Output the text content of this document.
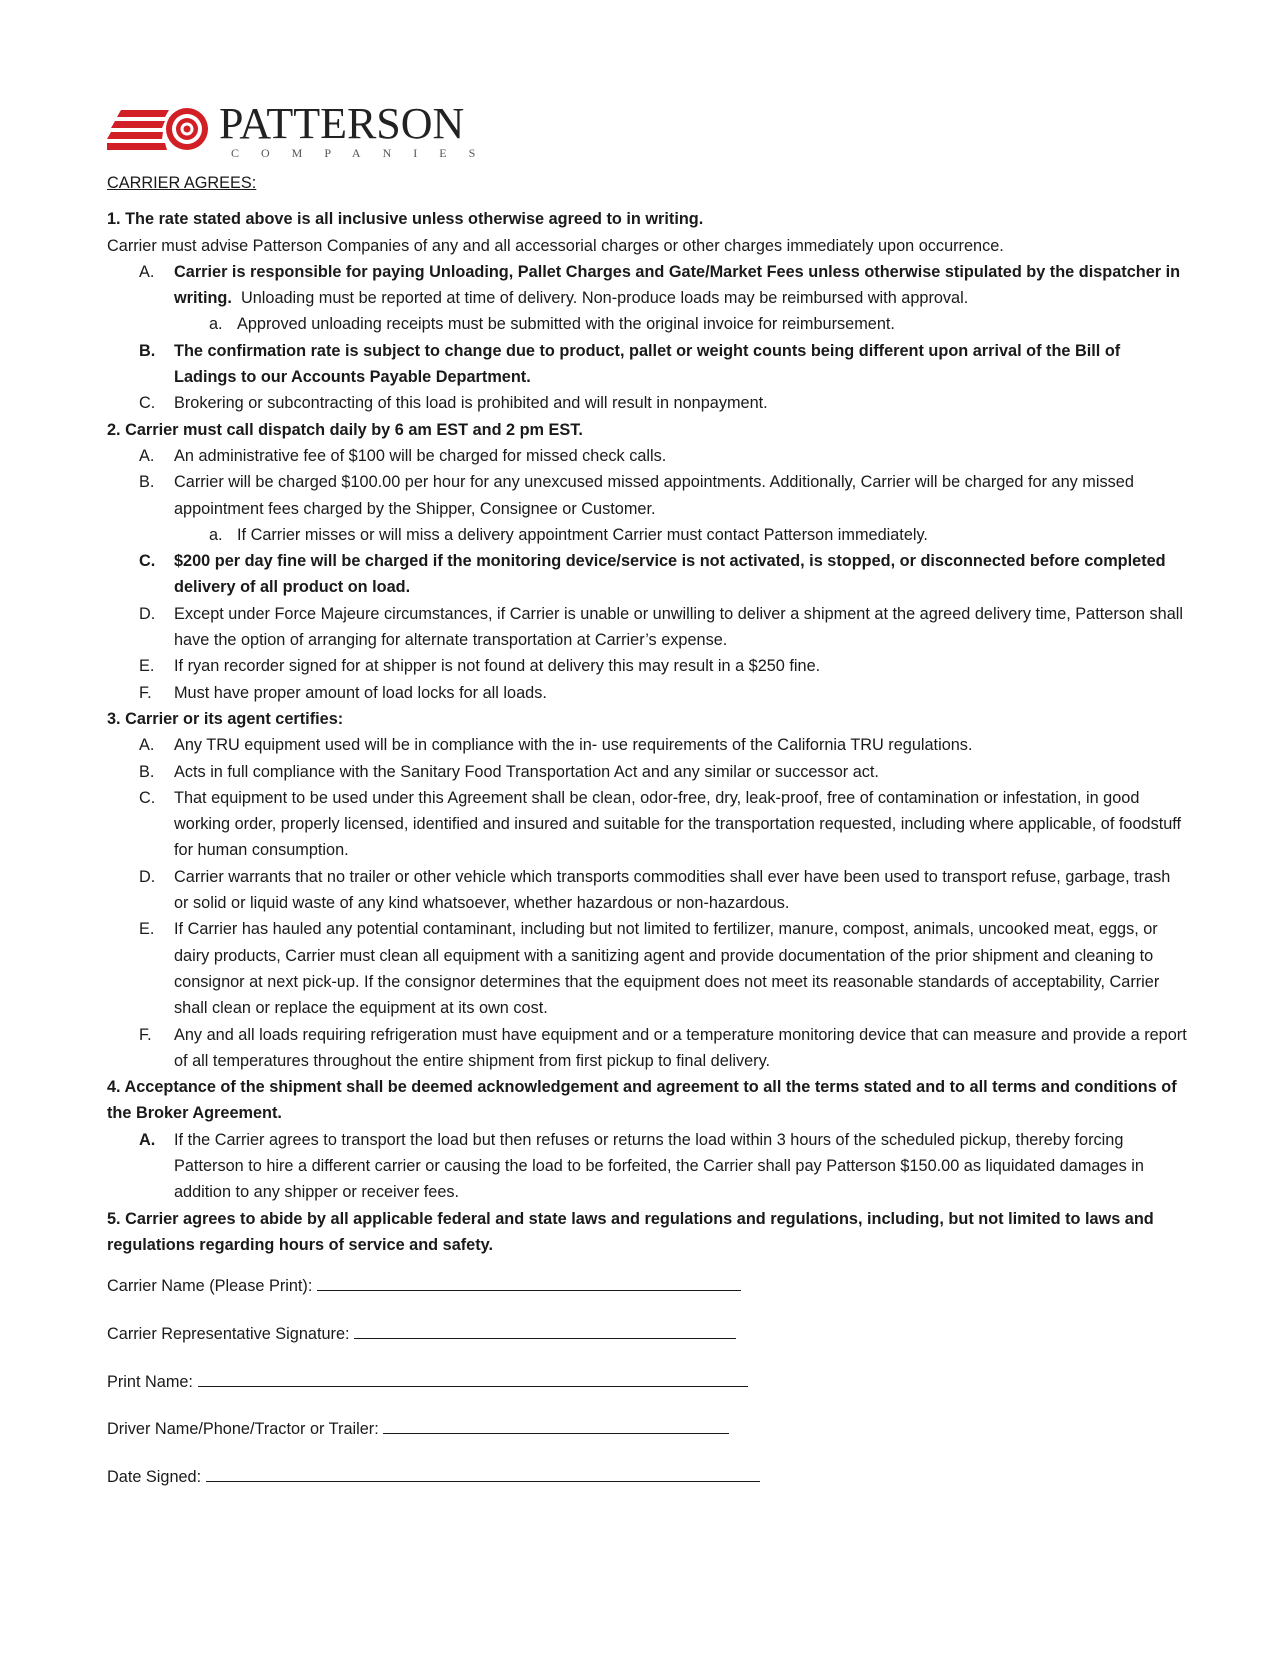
PATTERSON
COMPANIES
CARRIER AGREES:
1. The rate stated above is all inclusive unless otherwise agreed to in writing.
Carrier must advise Patterson Companies of any and all accessorial charges or other charges immediately upon occurrence.
A. Carrier is responsible for paying Unloading, Pallet Charges and Gate/Market Fees unless otherwise stipulated by the dispatcher in writing. Unloading must be reported at time of delivery. Non-produce loads may be reimbursed with approval.
a. Approved unloading receipts must be submitted with the original invoice for reimbursement.
B. The confirmation rate is subject to change due to product, pallet or weight counts being different upon arrival of the Bill of Ladings to our Accounts Payable Department.
C. Brokering or subcontracting of this load is prohibited and will result in nonpayment.
2. Carrier must call dispatch daily by 6 am EST and 2 pm EST.
A. An administrative fee of $100 will be charged for missed check calls.
B. Carrier will be charged $100.00 per hour for any unexcused missed appointments. Additionally, Carrier will be charged for any missed appointment fees charged by the Shipper, Consignee or Customer.
a. If Carrier misses or will miss a delivery appointment Carrier must contact Patterson immediately.
C. $200 per day fine will be charged if the monitoring device/service is not activated, is stopped, or disconnected before completed delivery of all product on load.
D. Except under Force Majeure circumstances, if Carrier is unable or unwilling to deliver a shipment at the agreed delivery time, Patterson shall have the option of arranging for alternate transportation at Carrier’s expense.
E. If ryan recorder signed for at shipper is not found at delivery this may result in a $250 fine.
F. Must have proper amount of load locks for all loads.
3. Carrier or its agent certifies:
A. Any TRU equipment used will be in compliance with the in- use requirements of the California TRU regulations.
B. Acts in full compliance with the Sanitary Food Transportation Act and any similar or successor act.
C. That equipment to be used under this Agreement shall be clean, odor-free, dry, leak-proof, free of contamination or infestation, in good working order, properly licensed, identified and insured and suitable for the transportation requested, including where applicable, of foodstuff for human consumption.
D. Carrier warrants that no trailer or other vehicle which transports commodities shall ever have been used to transport refuse, garbage, trash or solid or liquid waste of any kind whatsoever, whether hazardous or non-hazardous.
E. If Carrier has hauled any potential contaminant, including but not limited to fertilizer, manure, compost, animals, uncooked meat, eggs, or dairy products, Carrier must clean all equipment with a sanitizing agent and provide documentation of the prior shipment and cleaning to consignor at next pick-up. If the consignor determines that the equipment does not meet its reasonable standards of acceptability, Carrier shall clean or replace the equipment at its own cost.
F. Any and all loads requiring refrigeration must have equipment and or a temperature monitoring device that can measure and provide a report of all temperatures throughout the entire shipment from first pickup to final delivery.
4. Acceptance of the shipment shall be deemed acknowledgement and agreement to all the terms stated and to all terms and conditions of the Broker Agreement.
A. If the Carrier agrees to transport the load but then refuses or returns the load within 3 hours of the scheduled pickup, thereby forcing Patterson to hire a different carrier or causing the load to be forfeited, the Carrier shall pay Patterson $150.00 as liquidated damages in addition to any shipper or receiver fees.
5. Carrier agrees to abide by all applicable federal and state laws and regulations and regulations, including, but not limited to laws and regulations regarding hours of service and safety.
Carrier Name (Please Print):
Carrier Representative Signature:
Print Name:
Driver Name/Phone/Tractor or Trailer:
Date Signed:
